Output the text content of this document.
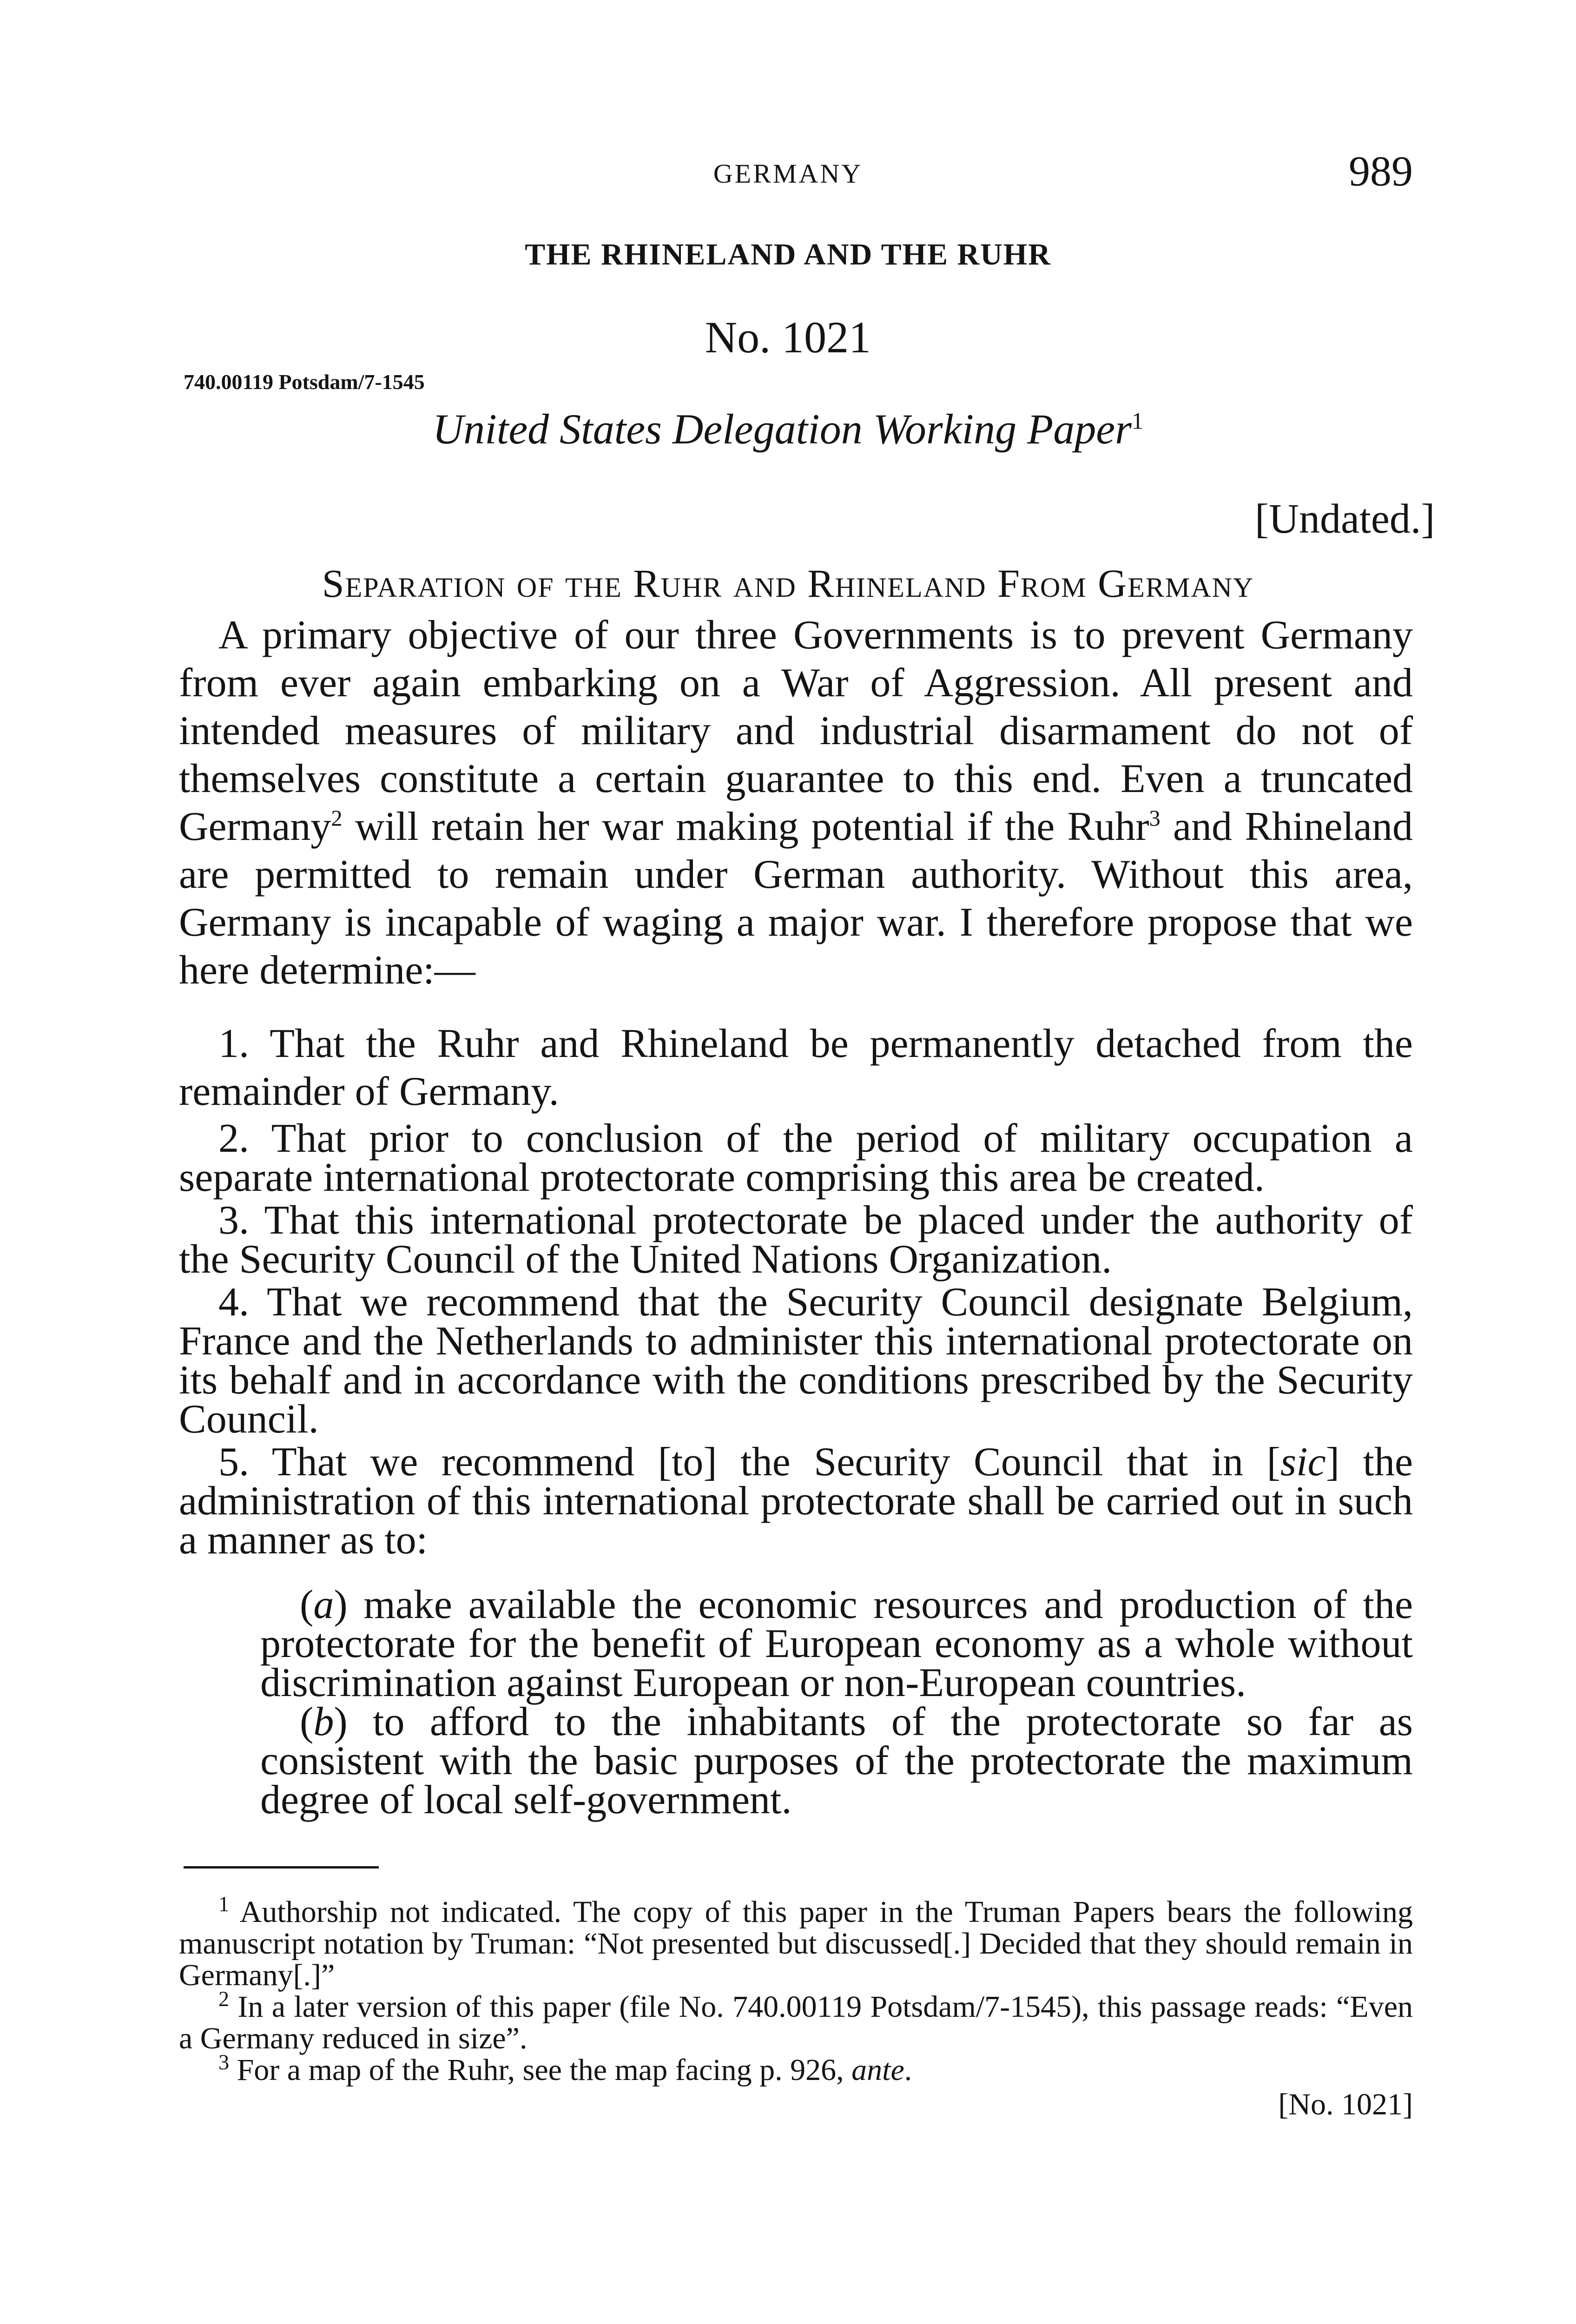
GERMANY	989
THE RHINELAND AND THE RUHR
No. 1021
740.00119 Potsdam/7-1545
United States Delegation Working Paper$^1$
[Undated.]
Separation of the Ruhr and Rhineland From Germany

A primary objective of our three Governments is to prevent Germany from ever again embarking on a War of Aggression. All present and intended measures of military and industrial disarmament do not of themselves constitute a certain guarantee to this end. Even a truncated Germany$^2$ will retain her war making potential if the Ruhr$^3$ and Rhineland are permitted to remain under German authority. Without this area, Germany is incapable of waging a major war. I therefore propose that we here determine:—

1. That the Ruhr and Rhineland be permanently detached from the remainder of Germany.

2. That prior to conclusion of the period of military occupation a separate international protectorate comprising this area be created.

3. That this international protectorate be placed under the authority of the Security Council of the United Nations Organization.

4. That we recommend that the Security Council designate Belgium, France and the Netherlands to administer this international protectorate on its behalf and in accordance with the conditions prescribed by the Security Council.

5. That we recommend [to] the Security Council that in [sic] the administration of this international protectorate shall be carried out in such a manner as to:

(a) make available the economic resources and production of the protectorate for the benefit of European economy as a whole without discrimination against European or non-European countries.

(b) to afford to the inhabitants of the protectorate so far as consistent with the basic purposes of the protectorate the maximum degree of local self-government.

$^1$ Authorship not indicated. The copy of this paper in the Truman Papers bears the following manuscript notation by Truman: “Not presented but discussed[.] Decided that they should remain in Germany[.]”

$^2$ In a later version of this paper (file No. 740.00119 Potsdam/7-1545), this passage reads: “Even a Germany reduced in size”.

$^3$ For a map of the Ruhr, see the map facing p. 926, ante.

[No. 1021]
